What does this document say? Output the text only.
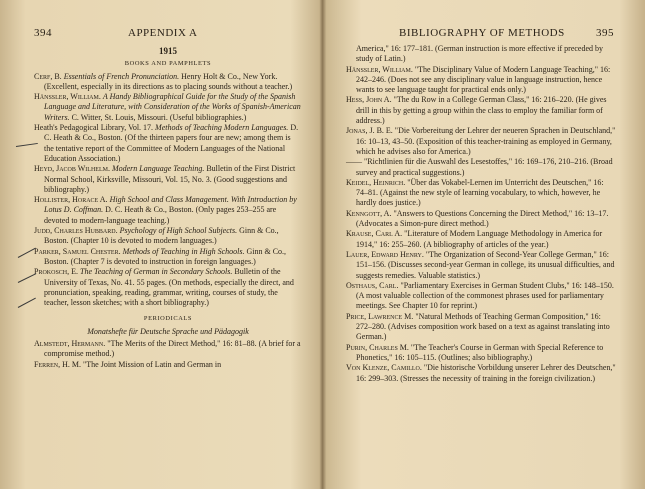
394	APPENDIX A
1915
BOOKS AND PAMPHLETS

Cerf, B. Essentials of French Pronunciation. Henry Holt & Co., New York. (Excellent, especially in its directions as to placing sounds without a teacher.)

Hänssler, William. A Handy Bibliographical Guide for the Study of the Spanish Language and Literature, with Consideration of the Works of Spanish-American Writers. C. Witter, St. Louis, Missouri. (Useful bibliographies.)

Heath's Pedagogical Library, Vol. 17. Methods of Teaching Modern Languages. D. C. Heath & Co., Boston. (Of the thirteen papers four are new; among them is the tentative report of the Committee of Modern Languages of the National Education Association.)

Heyd, Jacob Wilhelm. Modern Language Teaching. Bulletin of the First District Normal School, Kirksville, Missouri, Vol. 15, No. 3. (Good suggestions and bibliography.)

Hollister, Horace A. High School and Class Management. With Introduction by Lotus D. Coffman. D. C. Heath & Co., Boston. (Only pages 253–255 are devoted to modern-language teaching.)

Judd, Charles Hubbard. Psychology of High School Subjects. Ginn & Co., Boston. (Chapter 10 is devoted to modern languages.)

Parker, Samuel Chester. Methods of Teaching in High Schools. Ginn & Co., Boston. (Chapter 7 is devoted to instruction in foreign languages.)

Prokosch, E. The Teaching of German in Secondary Schools. Bulletin of the University of Texas, No. 41. 55 pages. (On methods, especially the direct, and pronunciation, speaking, reading, grammar, writing, courses of study, the teacher, lesson sketches; with a short bibliography.)

PERIODICALS
Monatshefte für Deutsche Sprache und Pädagogik

Almstedt, Hermann. "The Merits of the Direct Method," 16: 81–88. (A brief for a compromise method.)

Ferren, H. M. "The Joint Mission of Latin and German in

BIBLIOGRAPHY OF METHODS	395

America," 16: 177–181. (German instruction is more effective if preceded by study of Latin.)

Hänssler, William. "The Disciplinary Value of Modern Language Teaching," 16: 242–246. (Does not see any disciplinary value in language instruction, hence wants to see language taught for practical ends only.)

Hess, John A. "The du Row in a College German Class," 16: 216–220. (He gives drill in this by getting a group within the class to employ the familiar form of address.)

Jonas, J. B. E. "Die Vorbereitung der Lehrer der neueren Sprachen in Deutschland," 16: 10–13, 43–50. (Exposition of this teacher-training as employed in Germany, which he advises also for America.)

—— "Richtlinien für die Auswahl des Lesestoffes," 16: 169–176, 210–216. (Broad survey and practical suggestions.)

Keidel, Heinrich. "Über das Vokabel-Lernen im Unterricht des Deutschen," 16: 74–81. (Against the new style of learning vocabulary, to which, however, he hardly does justice.)

Kenngott, A. "Answers to Questions Concerning the Direct Method," 16: 13–17. (Advocates a Simon-pure direct method.)

Krause, Carl A. "Literature of Modern Language Methodology in America for 1914," 16: 255–260. (A bibliography of articles of the year.)

Lauer, Edward Henry. "The Organization of Second-Year College German," 16: 151–156. (Discusses second-year German in college, its unusual difficulties, and suggests remedies. Valuable statistics.)

Osthaus, Carl. "Parliamentary Exercises in German Student Clubs," 16: 148–150. (A most valuable collection of the commonest phrases used for parliamentary meetings. See Chapter 10 for reprint.)

Price, Lawrence M. "Natural Methods of Teaching German Composition," 16: 272–280. (Advises composition work based on a text as against translating into German.)

Purin, Charles M. "The Teacher's Course in German with Special Reference to Phonetics," 16: 105–115. (Outlines; also bibliography.)

Von Klenze, Camillo. "Die historische Vorbildung unserer Lehrer des Deutschen," 16: 299–303. (Stresses the necessity of training in the foreign civilization.)
